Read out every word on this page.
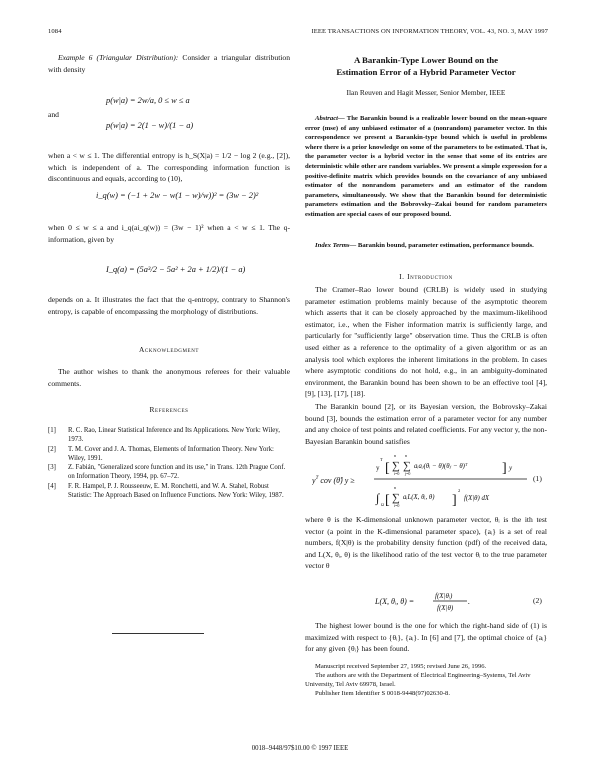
1084	IEEE TRANSACTIONS ON INFORMATION THEORY, VOL. 43, NO. 3, MAY 1997

Example 6 (Triangular Distribution): Consider a triangular distribution with density

p(w|a) = 2w/a, 0 ≤ w ≤ a
and
p(w|a) = 2(1 − w)/(1 − a)
when a < w ≤ 1. The differential entropy is h_S(X|a) = 1/2 − log 2 (e.g., [2]), which is independent of a. The corresponding information function is discontinuous and equals, according to (10),
i_q(w) = (−1 + 2w − w(1 − w)/w))² = (3w − 2)²
when 0 ≤ w ≤ a and i_q(ai_q(w)) = (3w − 1)² when a < w ≤ 1. The q-information, given by
I_q(a) = (5a³/2 − 5a² + 2a + 1/2)/(1 − a)
depends on a. It illustrates the fact that the q-entropy, contrary to Shannon's entropy, is capable of encompassing the morphology of distributions.
Acknowledgment

The author wishes to thank the anonymous referees for their valuable comments.

References
[1] R. C. Rao, Linear Statistical Inference and Its Applications. New York: Wiley, 1973.
[2] T. M. Cover and J. A. Thomas, Elements of Information Theory. New York: Wiley, 1991.
[3] Z. Fabián, "Generalized score function and its use," in Trans. 12th Prague Conf. on Information Theory, 1994, pp. 67–72.
[4] F. R. Hampel, P. J. Rousseeuw, E. M. Ronchetti, and W. A. Stahel, Robust Statistic: The Approach Based on Influence Functions. New York: Wiley, 1987.
A Barankin-Type Lower Bound on the
Estimation Error of a Hybrid Parameter Vector
Ilan Reuven and Hagit Messer, Senior Member, IEEE
Abstract— The Barankin bound is a realizable lower bound on the mean-square error (mse) of any unbiased estimator of a (nonrandom) parameter vector. In this correspondence we present a Barankin-type bound which is useful in problems where there is a prior knowledge on some of the parameters to be estimated. That is, the parameter vector is a hybrid vector in the sense that some of its entries are deterministic while other are random variables. We present a simple expression for a positive-definite matrix which provides bounds on the covariance of any unbiased estimator of the nonrandom parameters and an estimator of the random parameters, simultaneously. We show that the Barankin bound for deterministic parameters estimation and the Bobrovsky–Zakai bound for random parameters estimation are special cases of our proposed bound.
Index Terms— Barankin bound, parameter estimation, performance bounds.
I. Introduction

The Cramer–Rao lower bound (CRLB) is widely used in studying parameter estimation problems mainly because of the asymptotic theorem which asserts that it can be closely approached by the maximum-likelihood estimator, i.e., when the Fisher information matrix is sufficiently large, and particularly for "sufficiently large" observation time. Thus the CRLB is often used either as a reference to the optimality of a given algorithm or as an analysis tool which explores the inherent limitations in the problem. In cases where asymptotic conditions do not hold, e.g., in an ambiguity-dominated environment, the Barankin bound has been shown to be an effective tool [4], [9], [13], [17], [18].

The Barankin bound [2], or its Bayesian version, the Bobrovsky–Zakai bound [3], bounds the estimation error of a parameter vector for any number and any choice of test points and related coefficients. For any vector y, the non-Bayesian Barankin bound satisfies

$y^T$ cov (θ̂) y ≥
y
T
[ ∑
n
i=0
∑
n
j=0
aᵢaⱼ(θᵢ − θ)(θⱼ − θ)ᵀ ] y
∫ Ω [ ∑
n
i=0
aᵢL(X, θᵢ, θ) ]
2
f(X|θ) dX
(1)
where θ is the K-dimensional unknown parameter vector, θᵢ is the ith test vector (a point in the K-dimensional parameter space), {aᵢ} is a set of real numbers, f(X|θ) is the probability density function (pdf) of the received data, and L(X, θᵢ, θ) is the likelihood ratio of the test vector θᵢ to the true parameter vector θ
L(X, θᵢ, θ) =
f(X|θᵢ)
f(X|θ)
.	(2)

The highest lower bound is the one for which the right-hand side of (1) is maximized with respect to {θᵢ}, {aᵢ}. In [6] and [7], the optimal choice of {aᵢ} for any given {θᵢ} has been found.

Manuscript received September 27, 1995; revised June 26, 1996.
The authors are with the Department of Electrical Engineering–Systems, Tel Aviv University, Tel Aviv 69978, Israel.
Publisher Item Identifier S 0018-9448(97)02630-8.
0018–9448/97$10.00 © 1997 IEEE
